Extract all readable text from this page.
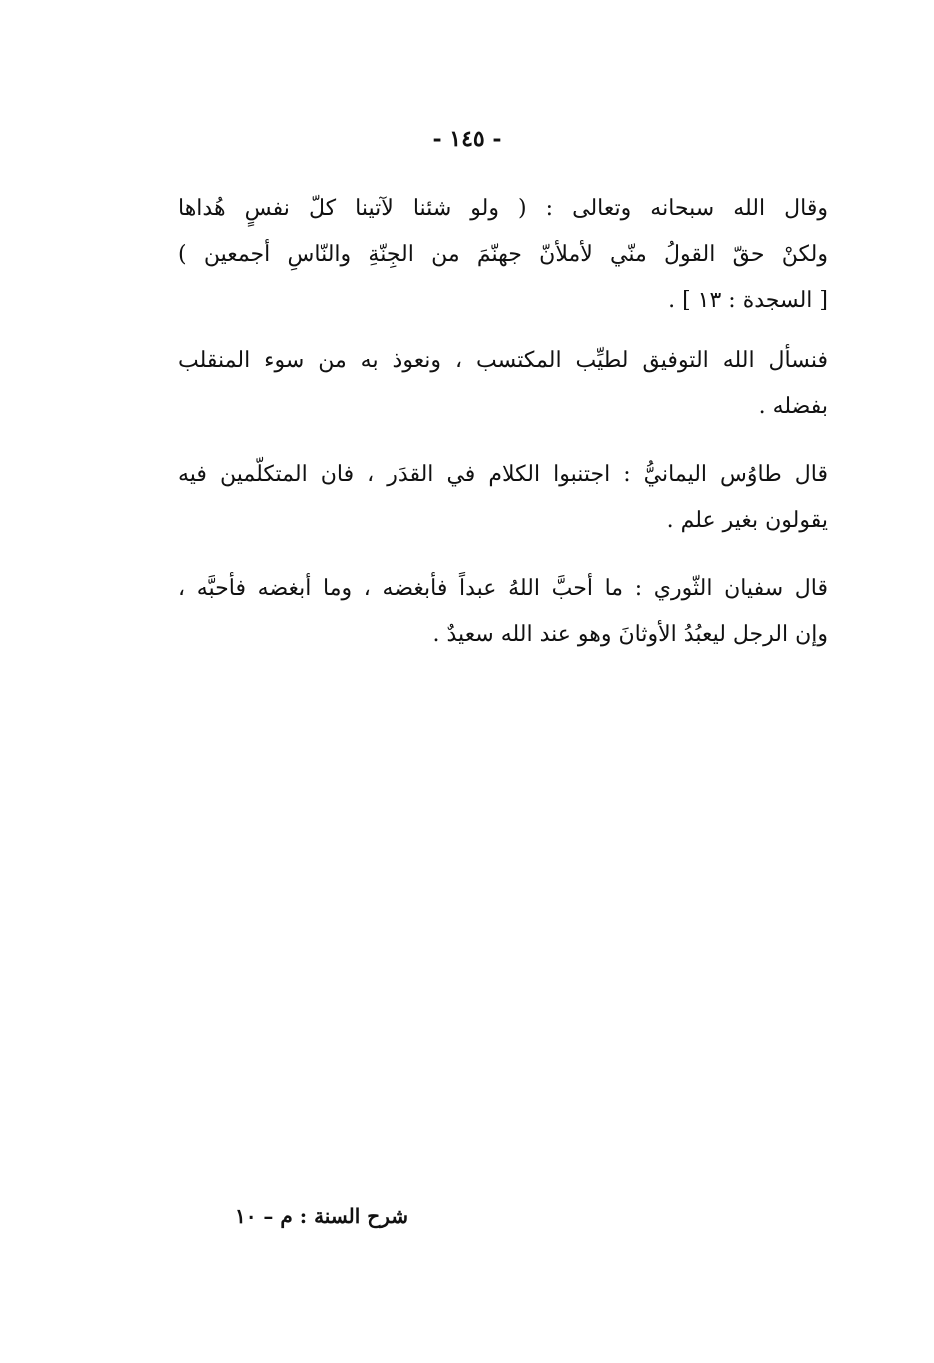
- ١٤٥ -
وقال الله سبحانه وتعالى : ( ولو شئنا لآتينا كلّ نفسٍ هُداها
ولكنْ حقّ القولُ منّي لأملأنّ جهنّمَ من الجِنّةِ والنّاسِ أجمعين )
[ السجدة : ١٣ ] .
فنسأل الله التوفيق لطيِّب المكتسب ، ونعوذ به من سوء المنقلب
بفضله .
قال طاوُس اليمانيُّ : اجتنبوا الكلام في القدَر ، فان المتكلّمين فيه
يقولون بغير علم .
قال سفيان الثّوري : ما أحبَّ اللهُ عبداً فأبغضه ، وما أبغضه فأحبَّه ،
وإن الرجل ليعبُدُ الأوثانَ وهو عند الله سعيدٌ .
شرح السنة : م – ١٠
